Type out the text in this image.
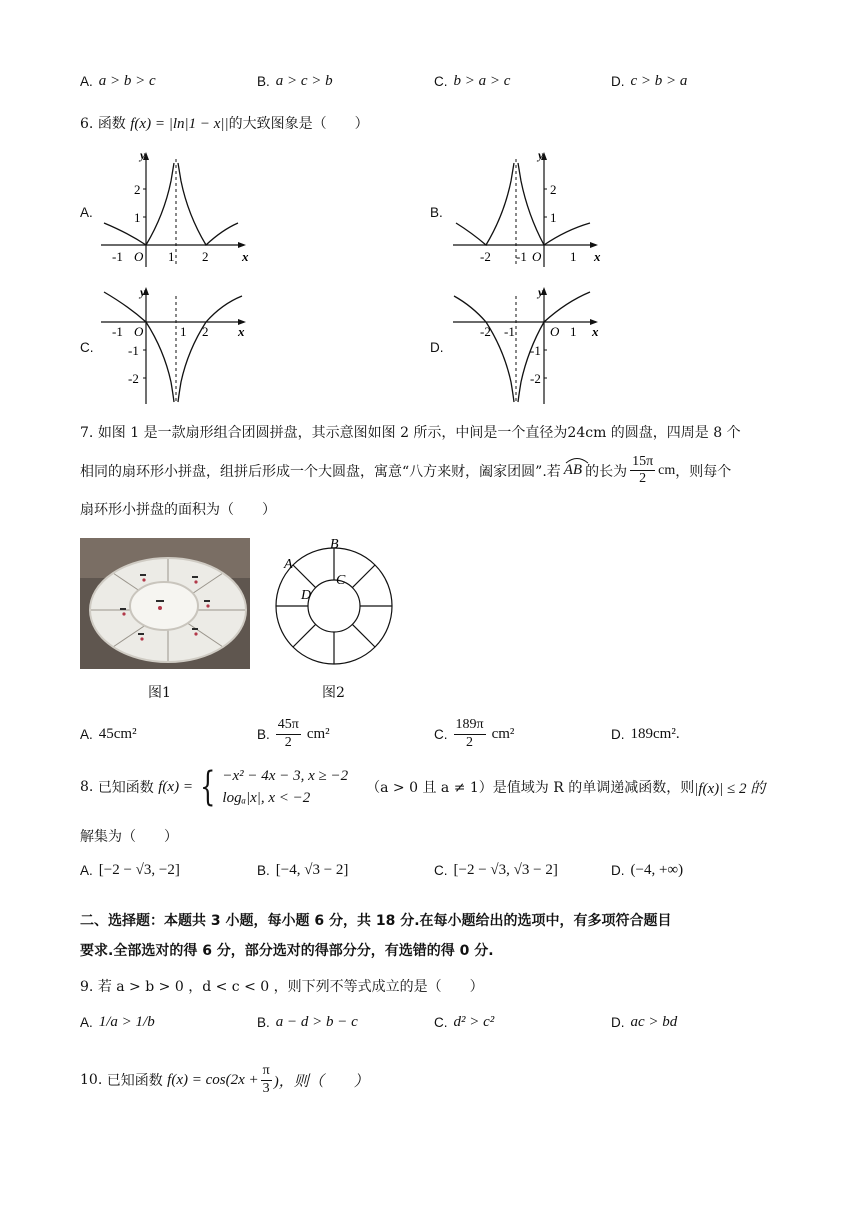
A. a > b > c	B. a > c > b	C. b > a > c	D. c > b > a
6. 函数 f(x) = |ln|1 − x||的大致图象是（　　）
A.	B.
C.	D.
y
x
O
-1	1 2
1
2
y
x
O
-2 -1	1
1
2
y
x
O
-1	1 2
-1
-2
y
x
O
-2 -1	1
-1
-2
7. 如图 1 是一款扇形组合团圆拼盘，其示意图如图 2 所示，中间是一个直径为24cm 的圆盘，四周是 8 个
相同的扇环形小拼盘，组拼后形成一个大圆盘，寓意“八方来财，阖家团圆”.若 AB 的长为 $\frac{15\pi}{2}$ cm ，则每个
扇环形小拼盘的面积为（　　）
图1
A
B
C
D
图2
A. 45cm²	B. $\frac{45\pi}{2} cm^2$	C. $\frac{189\pi}{2} cm^2$	D. 189cm².
8.
已知函数
f(x) = { −x² − 4x − 3, x ≥ −2
logₐ|x|, x < −2
（a > 0 且 a ≠ 1）是值域为 R 的单调递减函数，则 |f(x)| ≤ 2 的
解集为（　　）
A. [−2 − √3, −2]	B. [−4, √3 − 2]	C. [−2 − √3, √3 − 2]	D. (−4, +∞)
二、选择题：本题共 3 小题，每小题 6 分，共 18 分.在每小题给出的选项中，有多项符合题目
要求.全部选对的得 6 分，部分选对的得部分分，有选错的得 0 分.
9. 若 a > b > 0 ，d < c < 0 ，则下列不等式成立的是（　　）
A. 1/a > 1/b	B. a − d > b − c	C. d² > c²	D. ac > bd
10.
已知函数
$f(x) = \cos(2x + \frac{\pi}{3}$ )，则（　　）
